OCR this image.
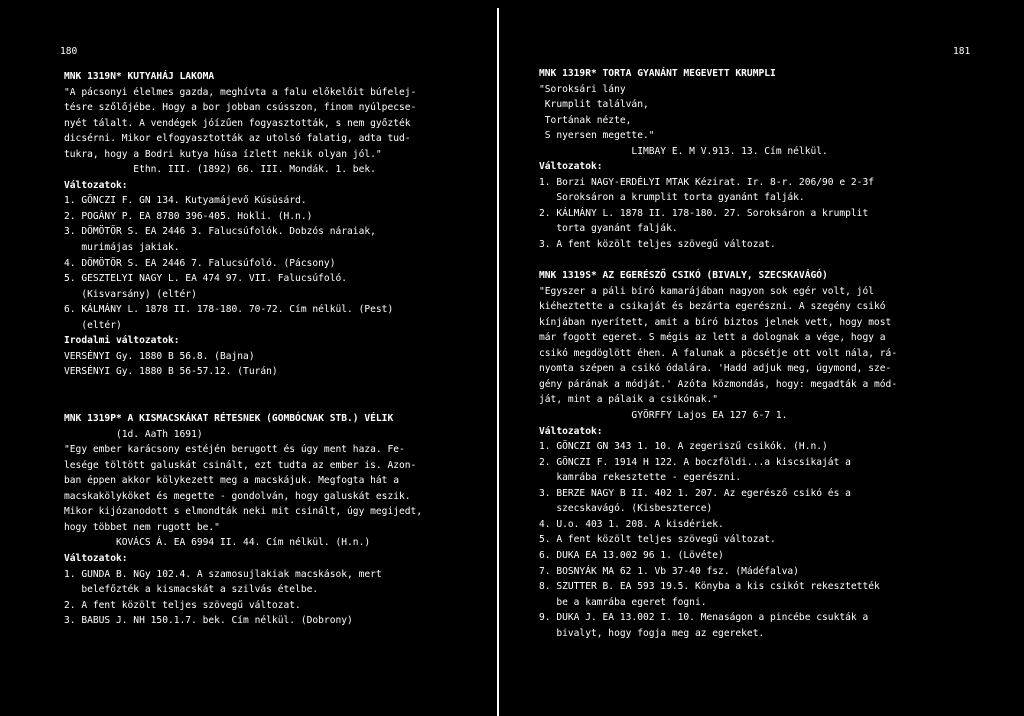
180
MNK 1319N* KUTYAHÁJ LAKOMA
"A pácsonyi élelmes gazda, meghívta a falu előkelőit búfelej-
tésre szőlőjébe. Hogy a bor jobban csússzon, finom nyúlpecse-
nyét tálalt. A vendégek jóízűen fogyasztották, s nem győzték
dicsérni. Mikor elfogyasztották az utolsó falatig, adta tud-
tukra, hogy a Bodri kutya húsa ízlett nekik olyan jól."
Ethn. III. (1892) 66. III. Mondák. 1. bek.
Változatok:
1. GÖNCZI F. GN 134. Kutyamájevő Kúsüsárd.
2. POGÁNY P. EA 8780 396-405. Hokli. (H.n.)
3. DÖMÖTÖR S. EA 2446 3. Falucsúfolók. Dobzós náraiak,
murimájas jakiak.
4. DÖMÖTÖR S. EA 2446 7. Falucsúfoló. (Pácsony)
5. GESZTELYI NAGY L. EA 474 97. VII. Falucsúfoló.
(Kisvarsány) (eltér)
6. KÁLMÁNY L. 1878 II. 178-180. 70-72. Cím nélkül. (Pest)
(eltér)
Irodalmi változatok:
VERSÉNYI Gy. 1880 B 56.8. (Bajna)
VERSÉNYI Gy. 1880 B 56-57.12. (Turán)
MNK 1319P* A KISMACSKÁKAT RÉTESNEK (GOMBÓCNAK STB.) VÉLIK
(1d. AaTh 1691)
"Egy ember karácsony estéjén berugott és úgy ment haza. Fe-
lesége töltött galuskát csinált, ezt tudta az ember is. Azon-
ban éppen akkor kölykezett meg a macskájuk. Megfogta hát a
macskakölyköket és megette - gondolván, hogy galuskát eszik.
Mikor kijózanodott s elmondták neki mit csinált, úgy megijedt,
hogy többet nem rugott be."
KOVÁCS Á. EA 6994 II. 44. Cím nélkül. (H.n.)
Változatok:
1. GUNDA B. NGy 102.4. A szamosujlakiak macskások, mert
belefőzték a kismacskát a szilvás ételbe.
2. A fent közölt teljes szövegű változat.
3. BABUS J. NH 150.1.7. bek. Cím nélkül. (Dobrony)
181
MNK 1319R* TORTA GYANÁNT MEGEVETT KRUMPLI
"Soroksári lány
Krumplit találván,
Tortának nézte,
S nyersen megette."
LIMBAY E. M V.913. 13. Cím nélkül.
Változatok:
1. Borzi NAGY-ERDÉLYI MTAK Kézirat. Ir. 8-r. 206/90 e 2-3f
Soroksáron a krumplit torta gyanánt falják.
2. KÁLMÁNY L. 1878 II. 178-180. 27. Soroksáron a krumplit
torta gyanánt falják.
3. A fent közölt teljes szövegű változat.
MNK 1319S* AZ EGERÉSZŐ CSIKÓ (BIVALY, SZECSKAVÁGÓ)
"Egyszer a páli bíró kamarájában nagyon sok egér volt, jól
kiéheztette a csikaját és bezárta egerészni. A szegény csikó
kínjában nyerített, amit a bíró biztos jelnek vett, hogy most
már fogott egeret. S mégis az lett a dolognak a vége, hogy a
csikó megdöglött éhen. A falunak a pöcsétje ott volt nála, rá-
nyomta szépen a csikó ódalára. 'Hadd adjuk meg, úgymond, sze-
gény párának a módját.' Azóta közmondás, hogy: megadták a mód-
ját, mint a pálaik a csikónak."
GYÖRFFY Lajos EA 127 6-7 1.
Változatok:
1. GÖNCZI GN 343 1. 10. A zegeriszű csikók. (H.n.)
2. GÖNCZI F. 1914 H 122. A boczföldi...a kiscsikaját a
kamrába rekesztette - egerészni.
3. BERZE NAGY B II. 402 1. 207. Az egerésző csikó és a
szecskavágó. (Kisbeszterce)
4. U.o. 403 1. 208. A kisdériek.
5. A fent közölt teljes szövegű változat.
6. DUKA EA 13.002 96 1. (Lövéte)
7. BOSNYÁK MA 62 1. Vb 37-40 fsz. (Mádéfalva)
8. SZUTTER B. EA 593 19.5. Könyba a kis csikót rekesztették
be a kamrába egeret fogni.
9. DUKA J. EA 13.002 I. 10. Menaságon a pincébe csukták a
bivalyt, hogy fogja meg az egereket.
